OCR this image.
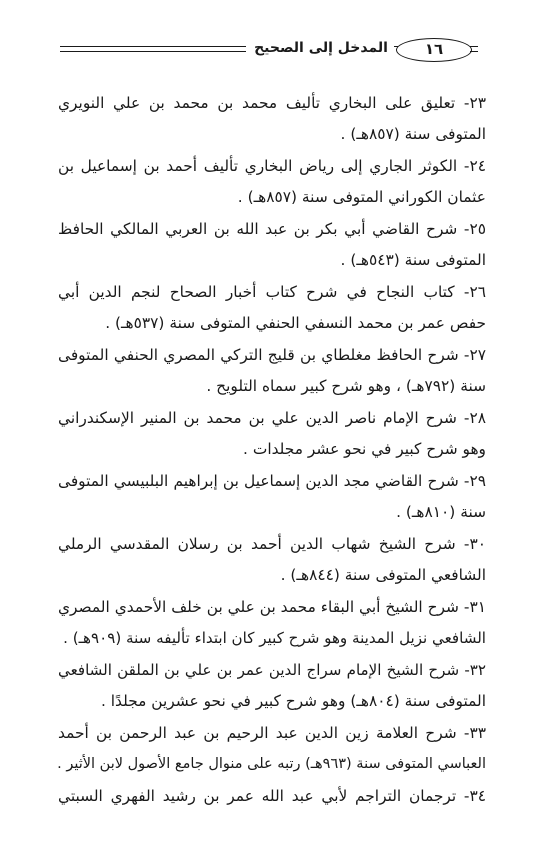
المدخل إلى الصحيح	١٦

٢٣- تعليق على البخاري تأليف محمد بن محمد بن علي النويري
المتوفى سنة (٨٥٧هـ) .

٢٤- الكوثر الجاري إلى رياض البخاري تأليف أحمد بن إسماعيل بن
عثمان الكوراني المتوفى سنة (٨٥٧هـ) .

٢٥- شرح القاضي أبي بكر بن عبد الله بن العربي المالكي الحافظ
المتوفى سنة (٥٤٣هـ) .

٢٦- كتاب النجاح في شرح كتاب أخبار الصحاح لنجم الدين أبي
حفص عمر بن محمد النسفي الحنفي المتوفى سنة (٥٣٧هـ) .

٢٧- شرح الحافظ مغلطاي بن قليج التركي المصري الحنفي المتوفى
سنة (٧٩٢هـ) ، وهو شرح كبير سماه التلويح .

٢٨- شرح الإمام ناصر الدين علي بن محمد بن المنير الإسكندراني
وهو شرح كبير في نحو عشر مجلدات .

٢٩- شرح القاضي مجد الدين إسماعيل بن إبراهيم البلبيسي المتوفى
سنة (٨١٠هـ) .

٣٠- شرح الشيخ شهاب الدين أحمد بن رسلان المقدسي الرملي
الشافعي المتوفى سنة (٨٤٤هـ) .

٣١- شرح الشيخ أبي البقاء محمد بن علي بن خلف الأحمدي المصري
الشافعي نزيل المدينة وهو شرح كبير كان ابتداء تأليفه سنة (٩٠٩هـ) .

٣٢- شرح الشيخ الإمام سراج الدين عمر بن علي بن الملقن الشافعي
المتوفى سنة (٨٠٤هـ) وهو شرح كبير في نحو عشرين مجلدًا .

٣٣- شرح العلامة زين الدين عبد الرحيم بن عبد الرحمن بن أحمد
العباسي المتوفى سنة (٩٦٣هـ) رتبه على منوال جامع الأصول لابن الأثير .

٣٤- ترجمان التراجم لأبي عبد الله عمر بن رشيد الفهري السبتي
